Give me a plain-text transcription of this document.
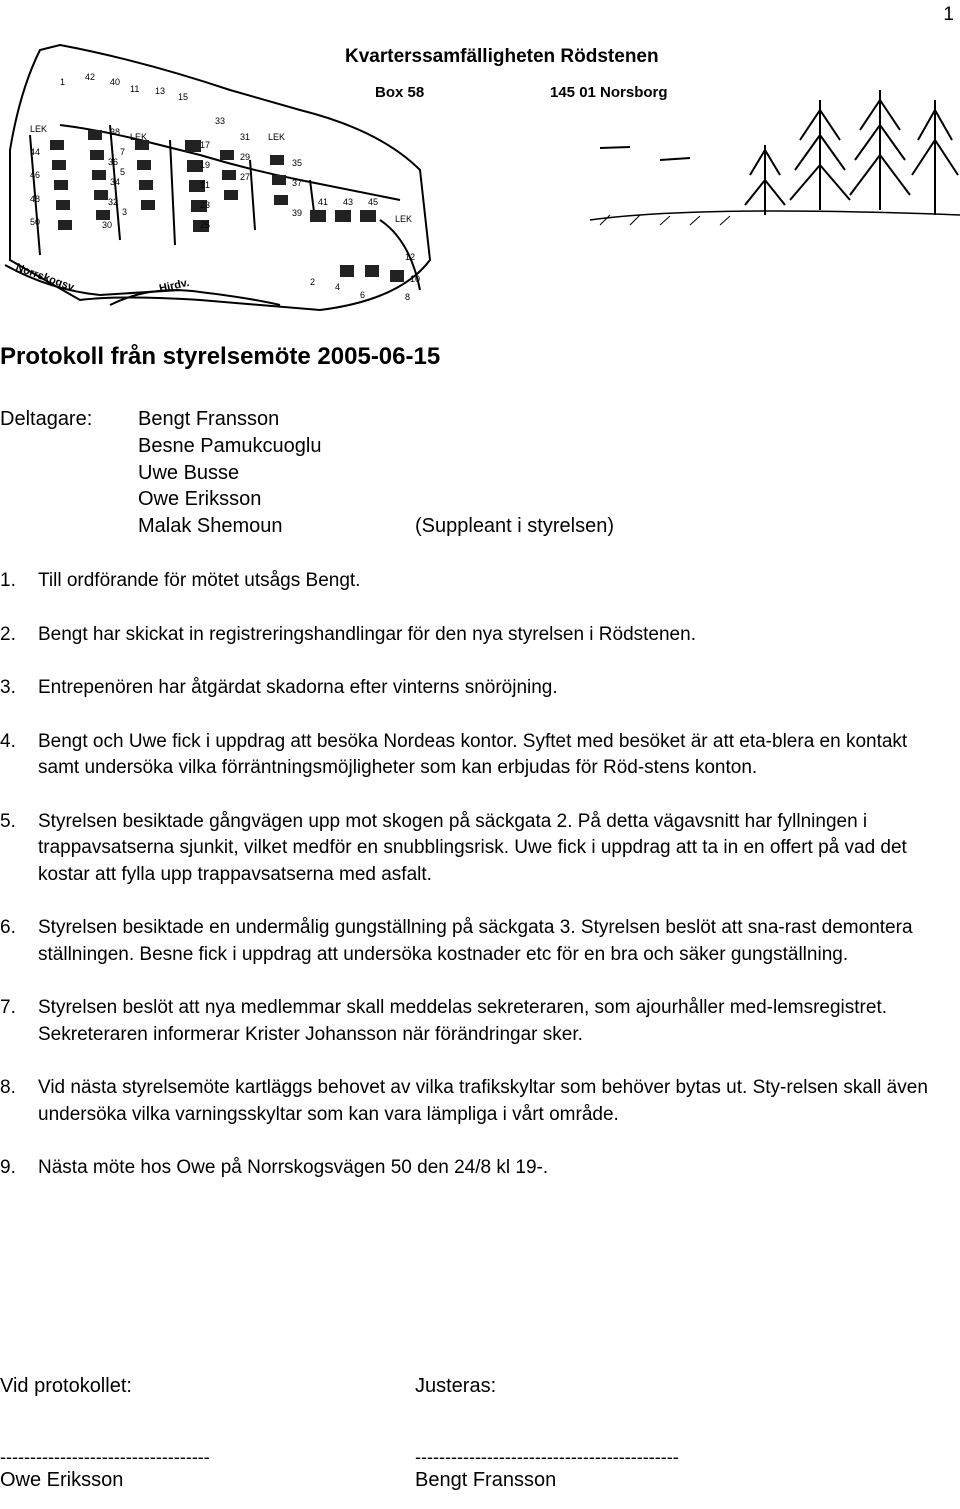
1
1 42 40
11 13
15
33
17
19
21
23
25
27
29
31
35
37
39
41 43 45
44
46
48
50
36
34
32
30
38
7
5
3
2 4
6
12
10
8
LEK
LEK	LEK
LEK
Norrskogsv.	Hirdv.
Kvarterssamfälligheten Rödstenen
Box 58	145 01 Norsborg
Protokoll från styrelsemöte 2005-06-15
Deltagare: Bengt Fransson
Besne Pamukcuoglu
Uwe Busse
Owe Eriksson
Malak Shemoun	(Suppleant i styrelsen)
1.	Till ordförande för mötet utsågs Bengt.
2.	Bengt har skickat in registreringshandlingar för den nya styrelsen i Rödstenen.
3.	Entrepenören har åtgärdat skadorna efter vinterns snöröjning.
4.	Bengt och Uwe fick i uppdrag att besöka Nordeas kontor. Syftet med besöket är att eta-blera en kontakt samt undersöka vilka förräntningsmöjligheter som kan erbjudas för Röd-stens konton.
5.	Styrelsen besiktade gångvägen upp mot skogen på säckgata 2. På detta vägavsnitt har fyllningen i trappavsatserna sjunkit, vilket medför en snubblingsrisk. Uwe fick i uppdrag att ta in en offert på vad det kostar att fylla upp trappavsatserna med asfalt.
6.	Styrelsen besiktade en undermålig gungställning på säckgata 3. Styrelsen beslöt att sna-rast demontera ställningen. Besne fick i uppdrag att undersöka kostnader etc för en bra och säker gungställning.
7.	Styrelsen beslöt att nya medlemmar skall meddelas sekreteraren, som ajourhåller med-lemsregistret. Sekreteraren informerar Krister Johansson när förändringar sker.
8.	Vid nästa styrelsemöte kartläggs behovet av vilka trafikskyltar som behöver bytas ut. Sty-relsen skall även undersöka vilka varningsskyltar som kan vara lämpliga i vårt område.
9.	Nästa möte hos Owe på Norrskogsvägen 50 den 24/8 kl 19-.
Vid protokollet:
-----------------------------------
Owe Eriksson
Justeras:
--------------------------------------------
Bengt Fransson
